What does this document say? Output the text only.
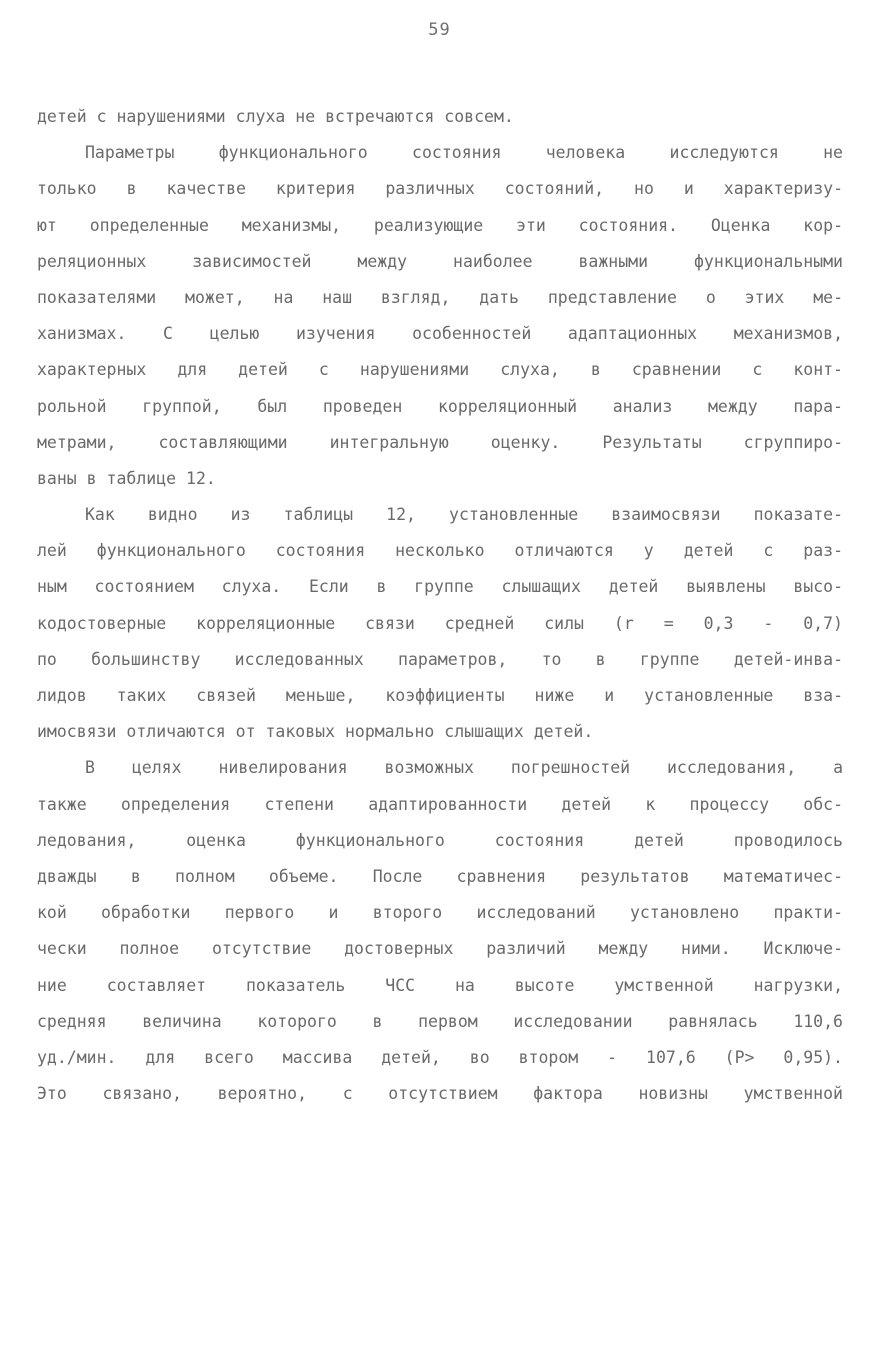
59
детей с нарушениями слуха не встречаются совсем.
Параметры функционального состояния человека исследуются не
только в качестве критерия различных состояний, но и характеризу-
ют определенные механизмы, реализующие эти состояния. Оценка кор-
реляционных зависимостей между наиболее важными функциональными
показателями может, на наш взгляд, дать представление о этих ме-
ханизмах. С целью изучения особенностей адаптационных механизмов,
характерных для детей с нарушениями слуха, в сравнении с конт-
рольной группой, был проведен корреляционный анализ между пара-
метрами, составляющими интегральную оценку. Результаты сгруппиро-
ваны в таблице 12.
Как видно из таблицы 12, установленные взаимосвязи показате-
лей функционального состояния несколько отличаются у детей с раз-
ным состоянием слуха. Если в группе слышащих детей выявлены высо-
кодостоверные корреляционные связи средней силы (r = 0,3 - 0,7)
по большинству исследованных параметров, то в группе детей-инва-
лидов таких связей меньше, коэффициенты ниже и установленные вза-
имосвязи отличаются от таковых нормально слышащих детей.
В целях нивелирования возможных погрешностей исследования, а
также определения степени адаптированности детей к процессу обс-
ледования, оценка функционального состояния детей проводилось
дважды в полном объеме. После сравнения результатов математичес-
кой обработки первого и второго исследований установлено практи-
чески полное отсутствие достоверных различий между ними. Исключе-
ние составляет показатель ЧСС на высоте умственной нагрузки,
средняя величина которого в первом исследовании равнялась 110,6
уд./мин. для всего массива детей, во втором - 107,6 (P> 0,95).
Это связано, вероятно, с отсутствием фактора новизны умственной
